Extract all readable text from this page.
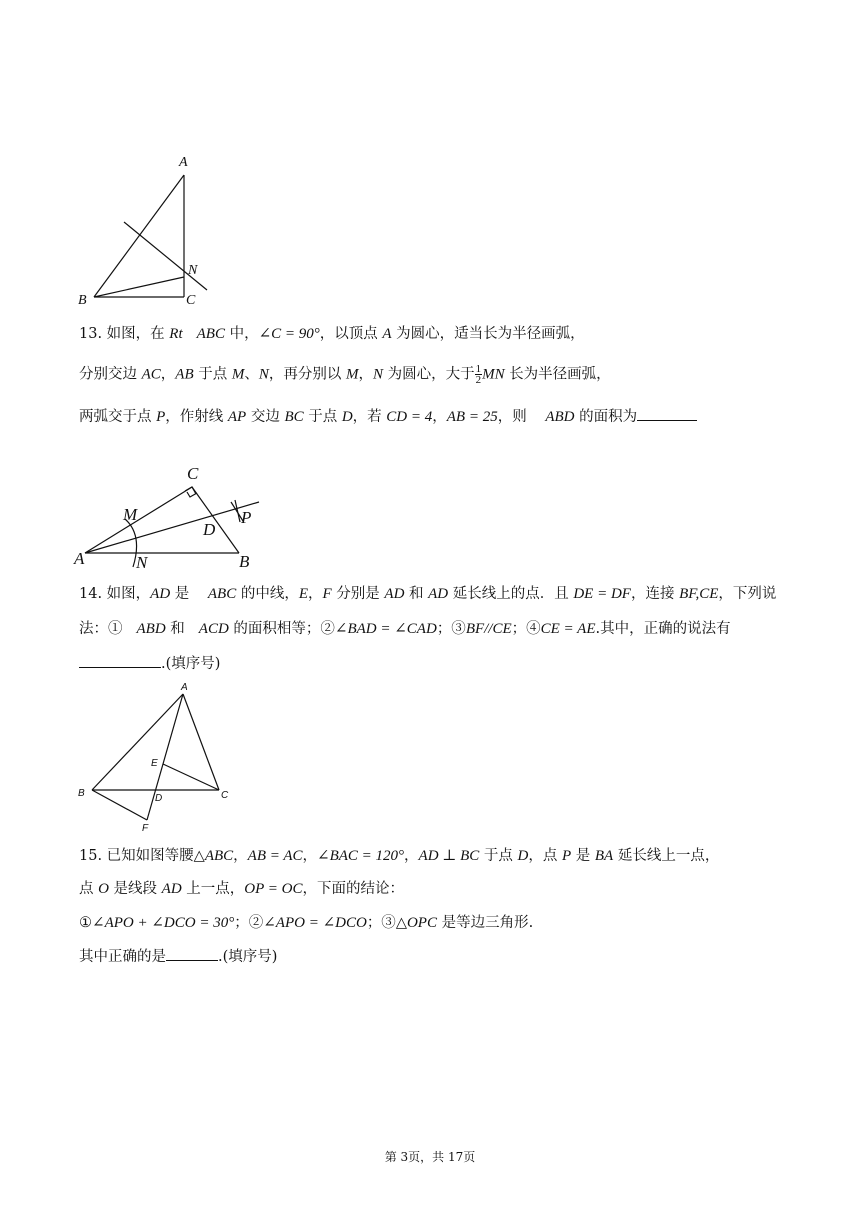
A
B	C
N
13. 如图，在 Rt ABC 中，∠C = 90°，以顶点 A 为圆心，适当长为半径画弧，
分别交边 AC，AB 于点 M、N，再分别以 M，N 为圆心，大于 $\frac{1}{2}$ MN 长为半径画弧，
两弧交于点 P，作射线 AP 交边 BC 于点 D，若 CD = 4，AB = 25，则 ABD 的面积为
A	B
C
D
M
N
P
14. 如图，AD 是 ABC 的中线，E，F 分别是 AD 和 AD 延长线上的点．且 DE = DF，连接 BF,CE，下列说
法：① ABD 和 ACD 的面积相等；②∠BAD = ∠CAD；③BF//CE；④CE = AE.其中，正确的说法有
.(填序号)
A
B	C
D
E
F
15. 已知如图等腰△ABC，AB = AC，∠BAC = 120°，AD ⊥ BC 于点 D，点 P 是 BA 延长线上一点，
点 O 是线段 AD 上一点，OP = OC，下面的结论：
①∠APO + ∠DCO = 30°；②∠APO = ∠DCO；③△OPC 是等边三角形.
其中正确的是	.(填序号)
第 3页，共 17页
